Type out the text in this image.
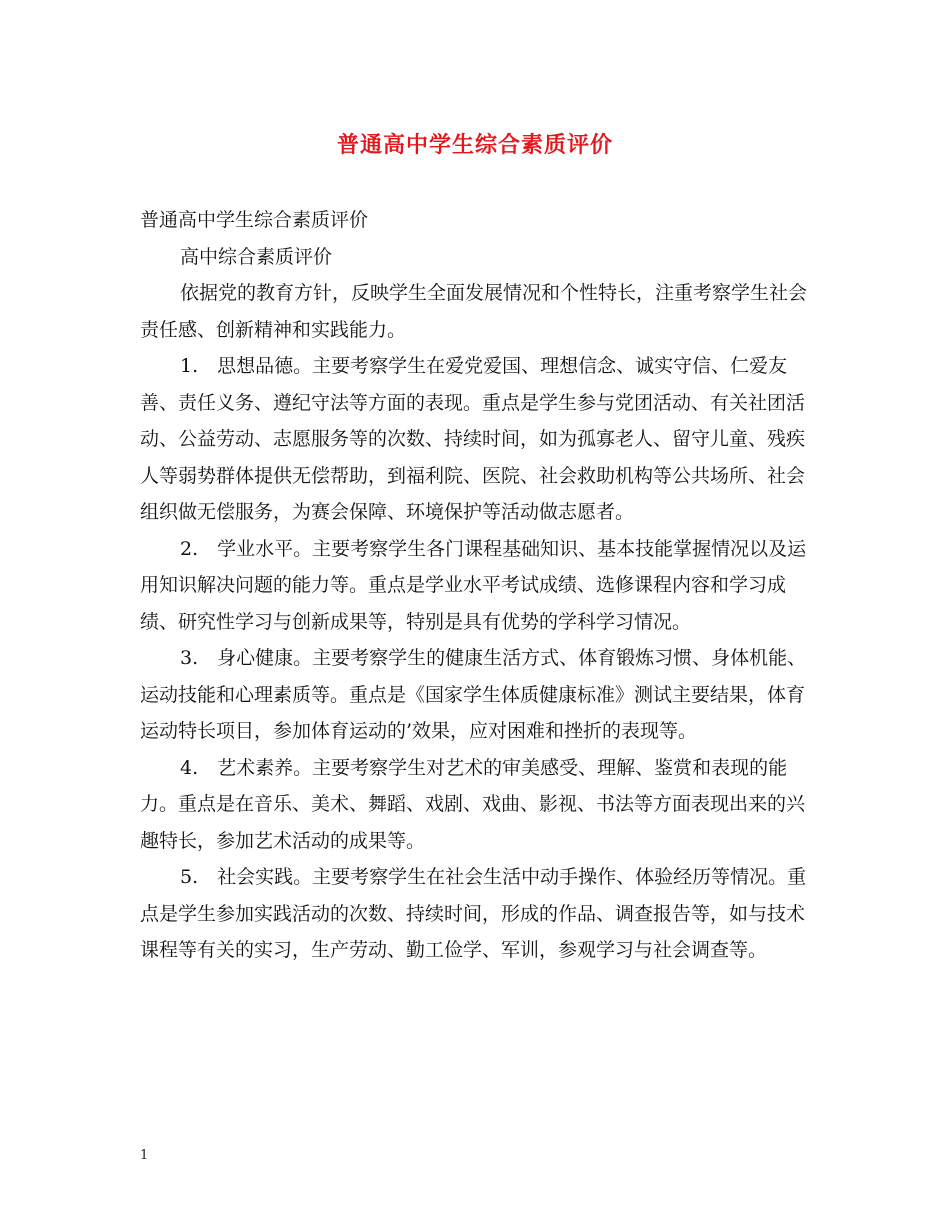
普通高中学生综合素质评价

普通高中学生综合素质评价

高中综合素质评价

依据党的教育方针，反映学生全面发展情况和个性特长，注重考察学生社会责任感、创新精神和实践能力。

1.　思想品德。主要考察学生在爱党爱国、理想信念、诚实守信、仁爱友善、责任义务、遵纪守法等方面的表现。重点是学生参与党团活动、有关社团活动、公益劳动、志愿服务等的次数、持续时间，如为孤寡老人、留守儿童、残疾人等弱势群体提供无偿帮助，到福利院、医院、社会救助机构等公共场所、社会组织做无偿服务，为赛会保障、环境保护等活动做志愿者。

2.　学业水平。主要考察学生各门课程基础知识、基本技能掌握情况以及运用知识解决问题的能力等。重点是学业水平考试成绩、选修课程内容和学习成绩、研究性学习与创新成果等，特别是具有优势的学科学习情况。

3.　身心健康。主要考察学生的健康生活方式、体育锻炼习惯、身体机能、运动技能和心理素质等。重点是《国家学生体质健康标准》测试主要结果，体育运动特长项目，参加体育运动的’效果，应对困难和挫折的表现等。

4.　艺术素养。主要考察学生对艺术的审美感受、理解、鉴赏和表现的能力。重点是在音乐、美术、舞蹈、戏剧、戏曲、影视、书法等方面表现出来的兴趣特长，参加艺术活动的成果等。

5.　社会实践。主要考察学生在社会生活中动手操作、体验经历等情况。重点是学生参加实践活动的次数、持续时间，形成的作品、调查报告等，如与技术课程等有关的实习，生产劳动、勤工俭学、军训，参观学习与社会调查等。

1
